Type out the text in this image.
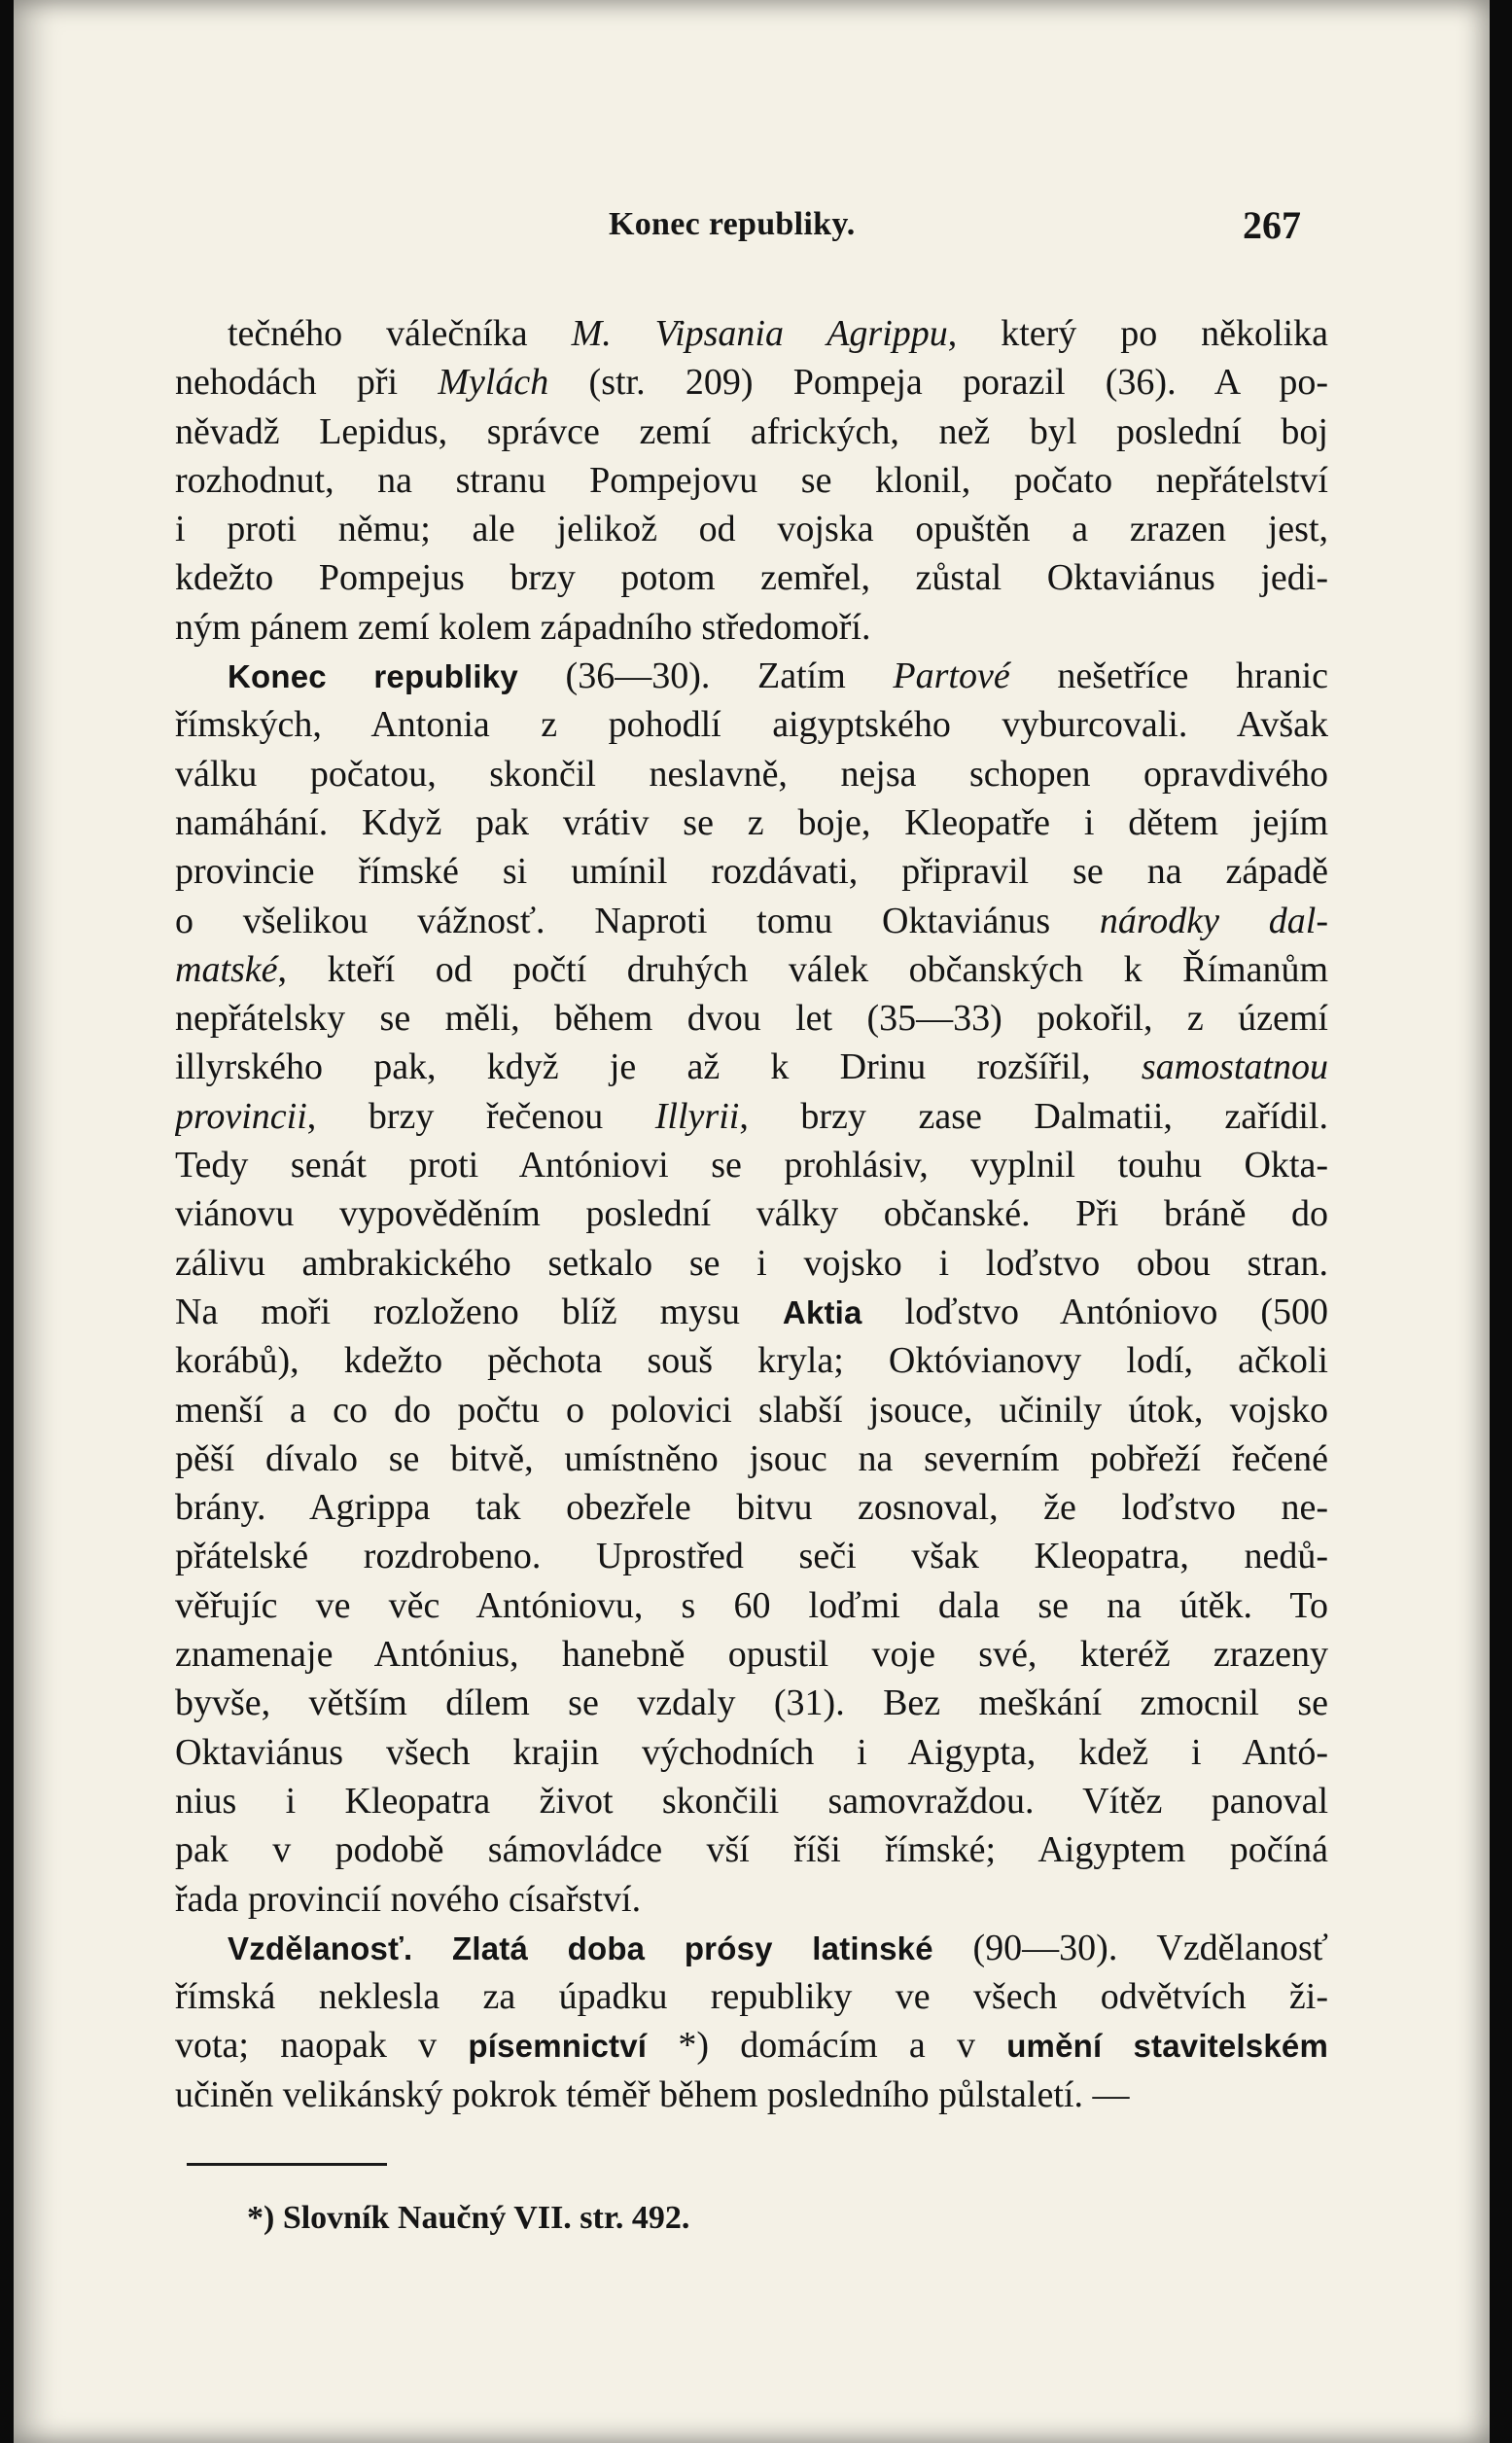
Konec republiky.	267
tečného válečníka M. Vipsania Agrippu, který po několika
nehodách při Mylách (str. 209) Pompeja porazil (36). A po-
něvadž Lepidus, správce zemí afrických, než byl poslední boj
rozhodnut, na stranu Pompejovu se klonil, počato nepřátelství
i proti němu; ale jelikož od vojska opuštěn a zrazen jest,
kdežto Pompejus brzy potom zemřel, zůstal Oktaviánus jedi-
ným pánem zemí kolem západního středomoří.
Konec republiky (36—30). Zatím Partové nešetříce hranic
římských, Antonia z pohodlí aigyptského vyburcovali. Avšak
válku počatou, skončil neslavně, nejsa schopen opravdivého
namáhání. Když pak vrátiv se z boje, Kleopatře i dětem jejím
provincie římské si umínil rozdávati, připravil se na západě
o všelikou vážnosť. Naproti tomu Oktaviánus národky dal-
matské, kteří od počtí druhých válek občanských k Římanům
nepřátelsky se měli, během dvou let (35—33) pokořil, z území
illyrského pak, když je až k Drinu rozšířil, samostatnou
provincii, brzy řečenou Illyrii, brzy zase Dalmatii, zařídil.
Tedy senát proti Antóniovi se prohlásiv, vyplnil touhu Okta-
viánovu vypověděním poslední války občanské. Při bráně do
zálivu ambrakického setkalo se i vojsko i loďstvo obou stran.
Na moři rozloženo blíž mysu Aktia loďstvo Antóniovo (500
korábů), kdežto pěchota souš kryla; Októvianovy lodí, ačkoli
menší a co do počtu o polovici slabší jsouce, učinily útok, vojsko
pěší dívalo se bitvě, umístněno jsouc na severním pobřeží řečené
brány. Agrippa tak obezřele bitvu zosnoval, že loďstvo ne-
přátelské rozdrobeno. Uprostřed seči však Kleopatra, nedů-
věřujíc ve věc Antóniovu, s 60 loďmi dala se na útěk. To
znamenaje Antónius, hanebně opustil voje své, kteréž zrazeny
byvše, větším dílem se vzdaly (31). Bez meškání zmocnil se
Oktaviánus všech krajin východních i Aigypta, kdež i Antó-
nius i Kleopatra život skončili samovraždou. Vítěz panoval
pak v podobě sámovládce vší říši římské; Aigyptem počíná
řada provincií nového císařství.
Vzdělanosť. Zlatá doba prósy latinské (90—30). Vzdělanosť
římská neklesla za úpadku republiky ve všech odvětvích ži-
vota; naopak v písemnictví *) domácím a v umění stavitelském
učiněn velikánský pokrok téměř během posledního půlstaletí. —
*) Slovník Naučný VII. str. 492.
